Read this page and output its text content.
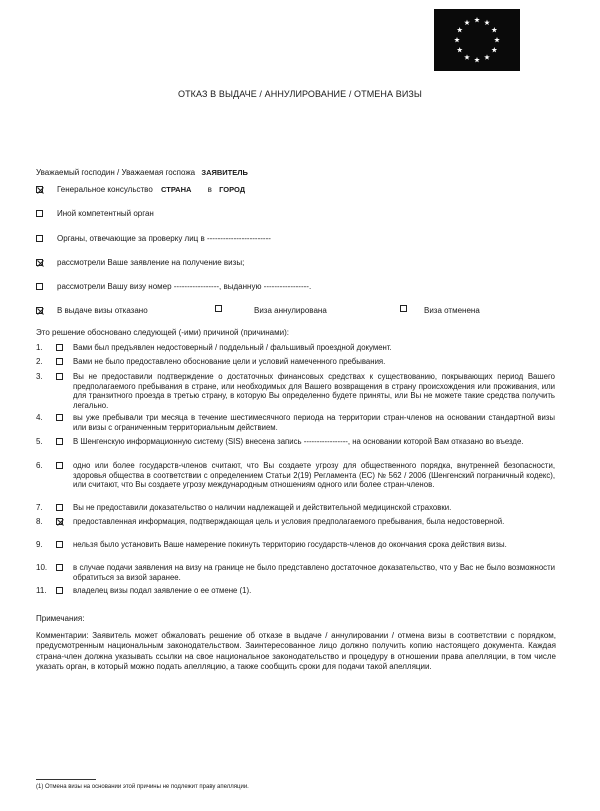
ОТКАЗ В ВЫДАЧЕ / АННУЛИРОВАНИЕ / ОТМЕНА ВИЗЫ
Уважаемый господин / Уважаемая госпожа ЗАЯВИТЕЛЬ
Генеральное консульство СТРАНА в ГОРОД
Иной компетентный орган
Органы, отвечающие за проверку лиц в ------------------------
рассмотрели Ваше заявление на получение визы;
рассмотрели Вашу визу номер -----------------, выданную -----------------.
В выдаче визы отказано	Виза аннулирована	Виза отменена
Это решение обосновано следующей (-ими) причиной (причинами):
1.	Вами был предъявлен недостоверный / поддельный / фальшивый проездной документ.
2.	Вами не было предоставлено обоснование цели и условий намеченного пребывания.
3.	Вы не предоставили подтверждение о достаточных финансовых средствах к существованию, покрывающих период Вашего предполагаемого пребывания в стране, или необходимых для Вашего возвращения в страну происхождения или проживания, или для транзитного проезда в третью страну, в которую Вы определенно будете приняты, или Вы не можете такие средства получить легально.
4.	вы уже пребывали три месяца в течение шестимесячного периода на территории стран-членов на основании стандартной визы или визы с ограниченным территориальным действием.
5.	В Шенгенскую информационную систему (SIS) внесена запись -----------------, на основании которой Вам отказано во въезде.
6.	одно или более государств-членов считают, что Вы создаете угрозу для общественного порядка, внутренней безопасности, здоровья общества в соответствии с определением Статьи 2(19) Регламента (ЕС) № 562 / 2006 (Шенгенский пограничный кодекс), или считают, что Вы создаете угрозу международным отношениям одного или более стран-членов.
7.	Вы не предоставили доказательство о наличии надлежащей и действительной медицинской страховки.
8.	предоставленная информация, подтверждающая цель и условия предполагаемого пребывания, была недостоверной.
9.	нельзя было установить Ваше намерение покинуть территорию государств-членов до окончания срока действия визы.
10.	в случае подачи заявления на визу на границе не было представлено достаточное доказательство, что у Вас не было возможности обратиться за визой заранее.
11.	владелец визы подал заявление о ее отмене (1).
Примечания:
Комментарии: Заявитель может обжаловать решение об отказе в выдаче / аннулировании / отмена визы в соответствии с порядком, предусмотренным национальным законодательством. Заинтересованное лицо должно получить копию настоящего документа. Каждая страна-член должна указывать ссылки на свое национальное законодательство и процедуру в отношении права апелляции, в том числе указать орган, в который можно подать апелляцию, а также сообщить сроки для подачи такой апелляции.
(1) Отмена визы на основании этой причины не подлежит праву апелляции.
